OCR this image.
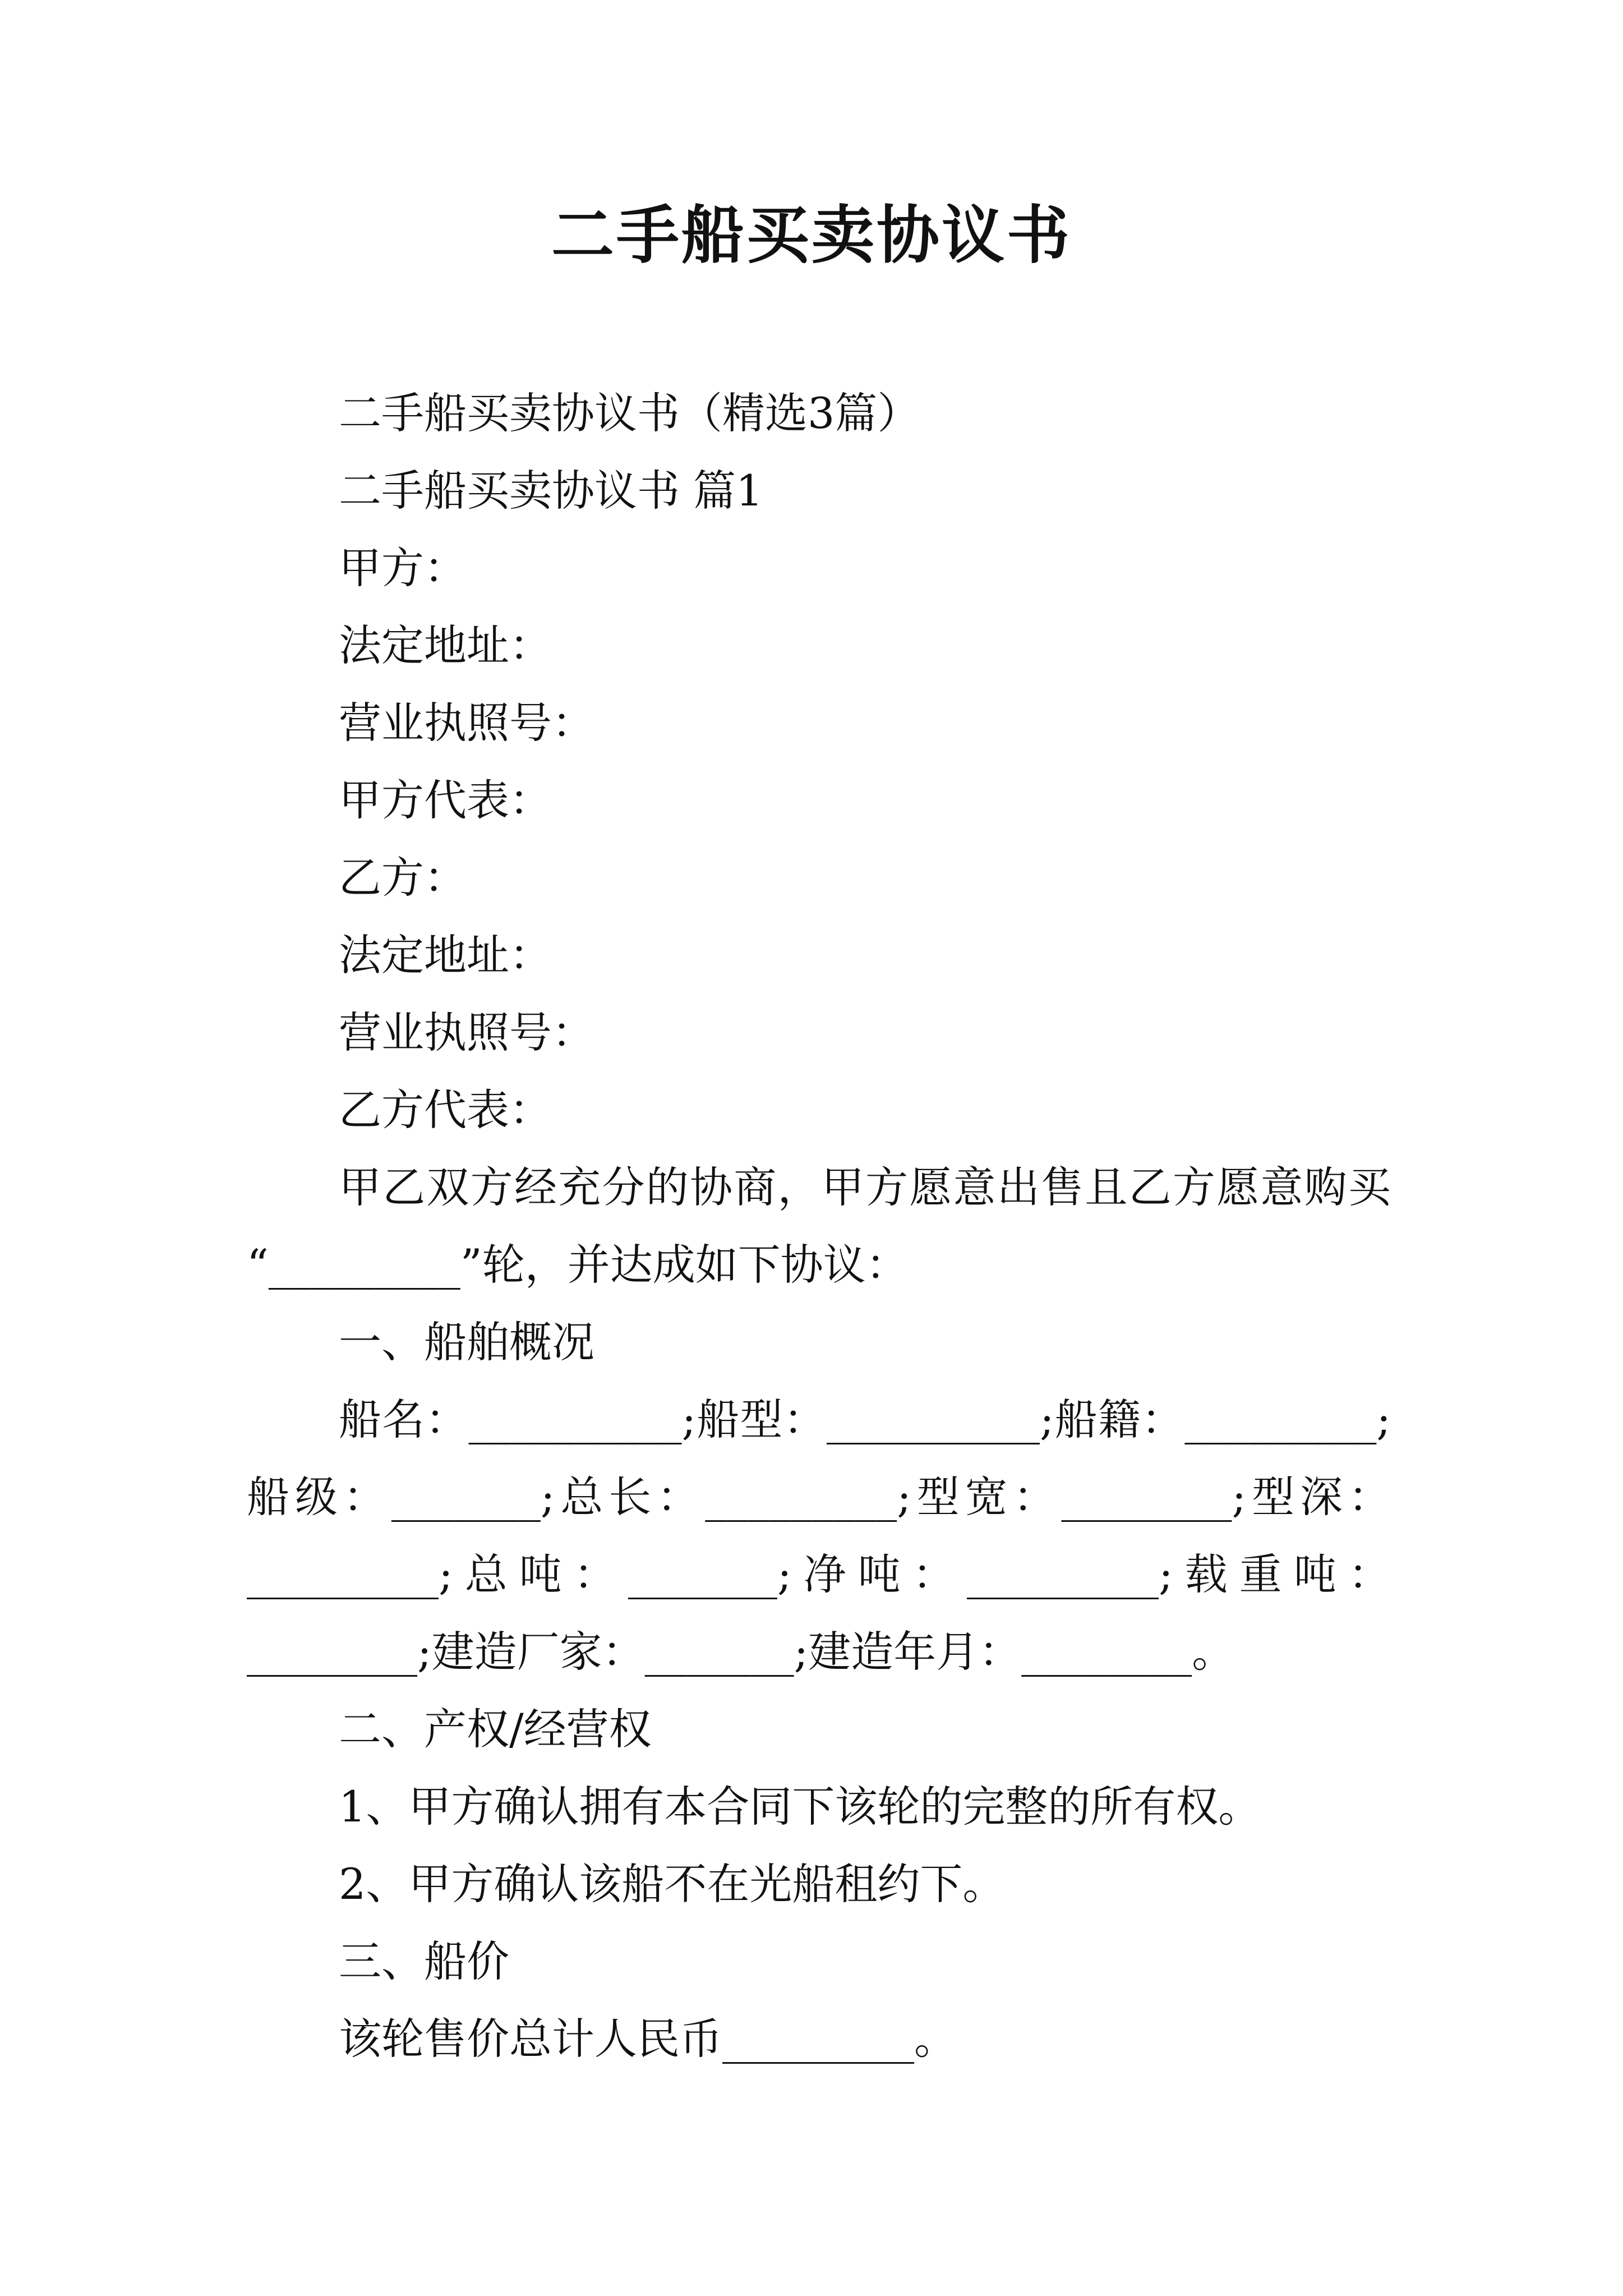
二手船买卖协议书
二手船买卖协议书（精选3篇）
二手船买卖协议书 篇1
甲方：
法定地址：
营业执照号：
甲方代表：
乙方：
法定地址：
营业执照号：
乙方代表：
甲乙双方经充分的协商，甲方愿意出售且乙方愿意购买
“_________”轮，并达成如下协议：
一、船舶概况
船名：__________;船型：__________;船籍：_________;
船级：_______;总长：_________;型宽：________;型深：
_________;总吨：_______;净吨：_________;载重吨：
________;建造厂家：_______;建造年月：________。
二、产权/经营权
1、甲方确认拥有本合同下该轮的完整的所有权。
2、甲方确认该船不在光船租约下。
三、船价
该轮售价总计人民币_________。
